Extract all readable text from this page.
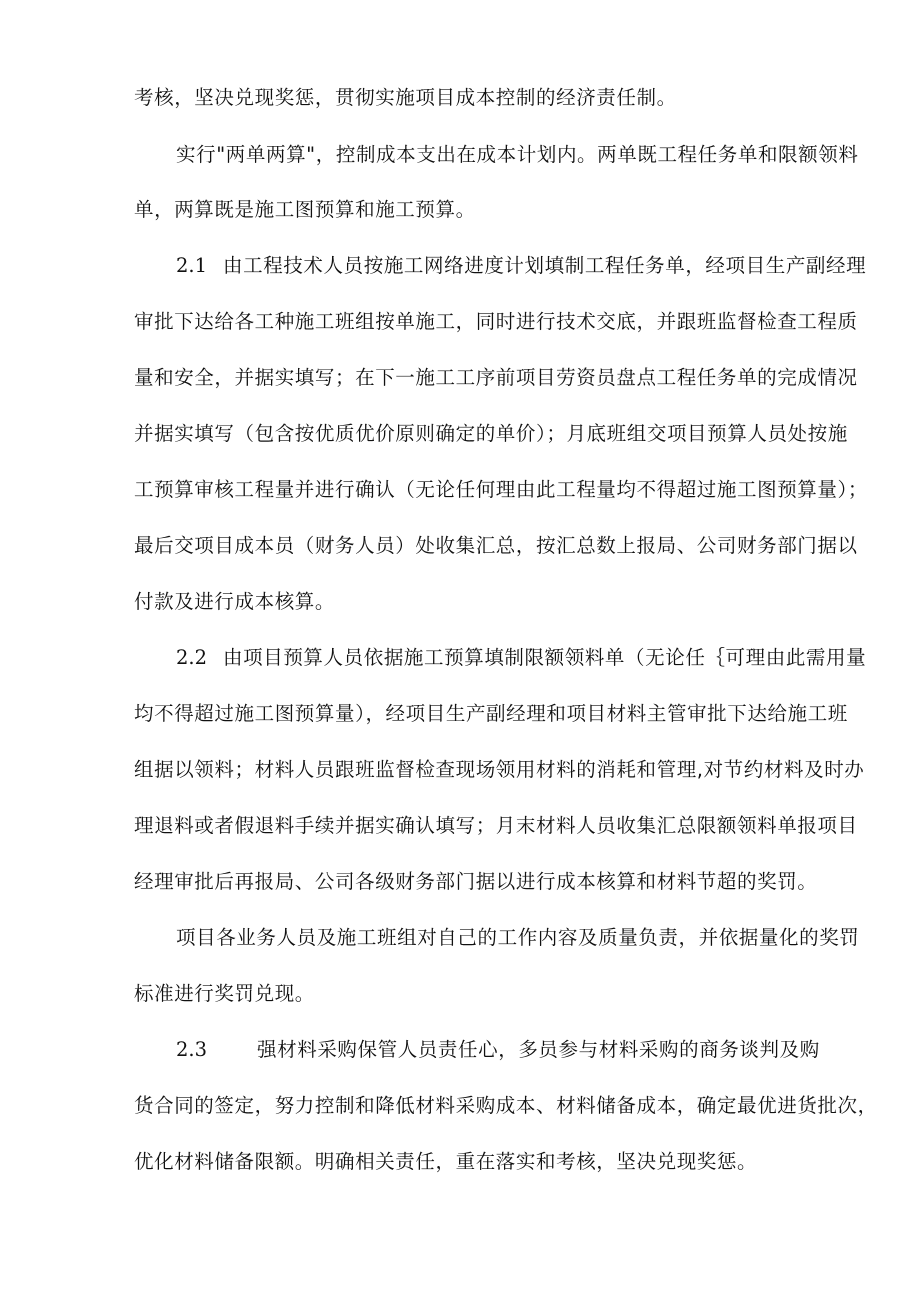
考核，坚决兑现奖惩，贯彻实施项目成本控制的经济责任制。
实行"两单两算"，控制成本支出在成本计划内。两单既工程任务单和限额领料
单，两算既是施工图预算和施工预算。
2.1 由工程技术人员按施工网络进度计划填制工程任务单，经项目生产副经理
审批下达给各工种施工班组按单施工，同时进行技术交底，并跟班监督检查工程质
量和安全，并据实填写；在下一施工工序前项目劳资员盘点工程任务单的完成情况
并据实填写（包含按优质优价原则确定的单价）；月底班组交项目预算人员处按施
工预算审核工程量并进行确认（无论任何理由此工程量均不得超过施工图预算量）；
最后交项目成本员（财务人员）处收集汇总，按汇总数上报局、公司财务部门据以
付款及进行成本核算。
2.2 由项目预算人员依据施工预算填制限额领料单（无论任｛可理由此需用量
均不得超过施工图预算量），经项目生产副经理和项目材料主管审批下达给施工班
组据以领料；材料人员跟班监督检查现场领用材料的消耗和管理,对节约材料及时办
理退料或者假退料手续并据实确认填写；月末材料人员收集汇总限额领料单报项目
经理审批后再报局、公司各级财务部门据以进行成本核算和材料节超的奖罚。
项目各业务人员及施工班组对自己的工作内容及质量负责，并依据量化的奖罚
标准进行奖罚兑现。
2.3	强材料采购保管人员责任心，多员参与材料采购的商务谈判及购
货合同的签定，努力控制和降低材料采购成本、材料储备成本，确定最优进货批次，
优化材料储备限额。明确相关责任，重在落实和考核，坚决兑现奖惩。
